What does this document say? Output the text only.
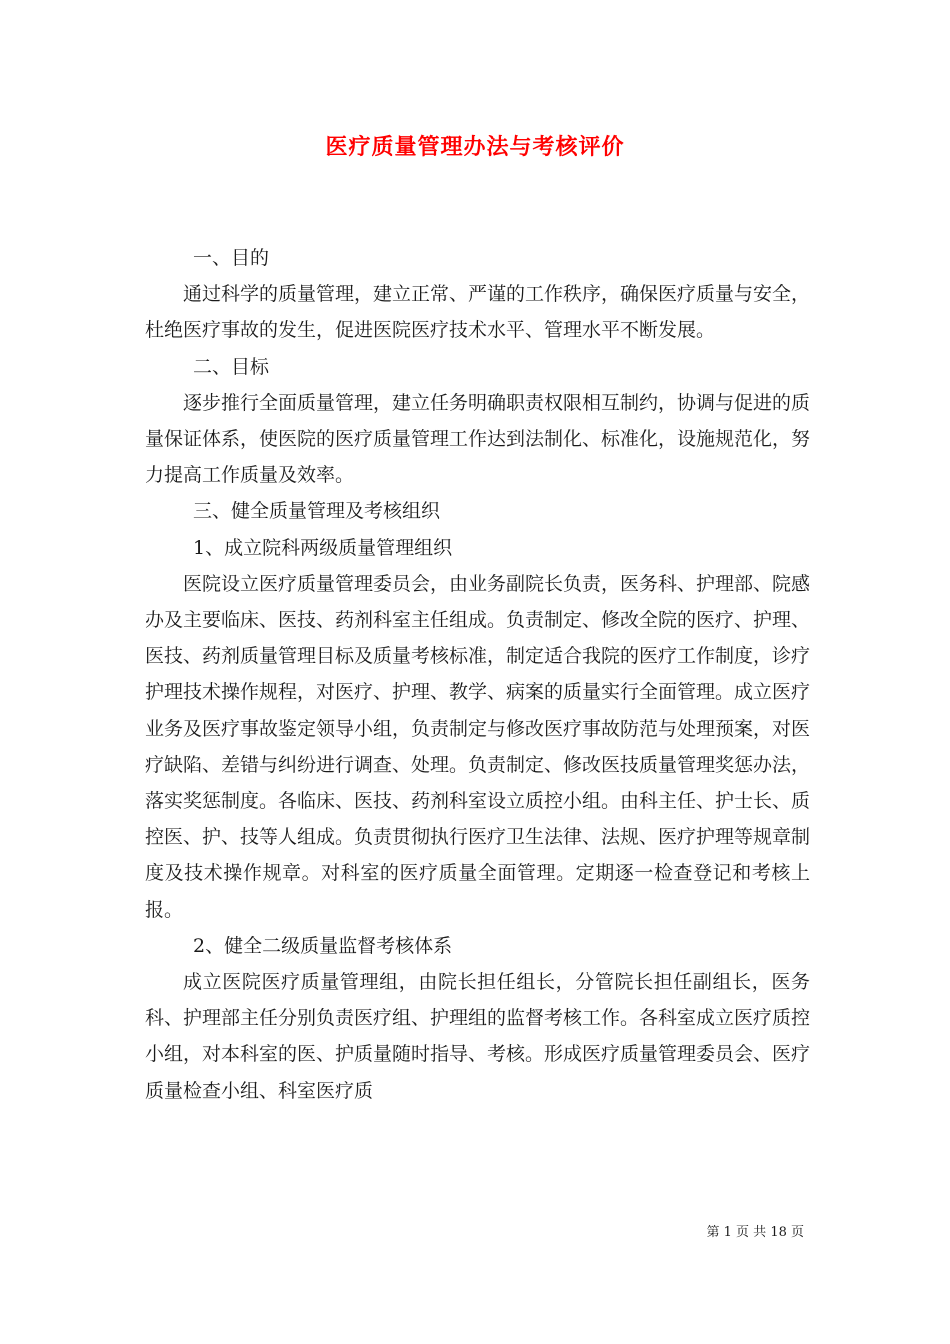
医疗质量管理办法与考核评价

一、目的

通过科学的质量管理，建立正常、严谨的工作秩序，确保医疗质量与安全，杜绝医疗事故的发生，促进医院医疗技术水平、管理水平不断发展。

二、目标

逐步推行全面质量管理，建立任务明确职责权限相互制约，协调与促进的质量保证体系，使医院的医疗质量管理工作达到法制化、标准化，设施规范化，努力提高工作质量及效率。

三、健全质量管理及考核组织

1、成立院科两级质量管理组织

医院设立医疗质量管理委员会，由业务副院长负责，医务科、护理部、院感办及主要临床、医技、药剂科室主任组成。负责制定、修改全院的医疗、护理、医技、药剂质量管理目标及质量考核标准，制定适合我院的医疗工作制度，诊疗护理技术操作规程，对医疗、护理、教学、病案的质量实行全面管理。成立医疗业务及医疗事故鉴定领导小组，负责制定与修改医疗事故防范与处理预案，对医疗缺陷、差错与纠纷进行调查、处理。负责制定、修改医技质量管理奖惩办法，落实奖惩制度。各临床、医技、药剂科室设立质控小组。由科主任、护士长、质控医、护、技等人组成。负责贯彻执行医疗卫生法律、法规、医疗护理等规章制度及技术操作规章。对科室的医疗质量全面管理。定期逐一检查登记和考核上报。

2、健全二级质量监督考核体系

成立医院医疗质量管理组，由院长担任组长，分管院长担任副组长，医务科、护理部主任分别负责医疗组、护理组的监督考核工作。各科室成立医疗质控小组，对本科室的医、护质量随时指导、考核。形成医疗质量管理委员会、医疗质量检查小组、科室医疗质

第 1 页 共 18 页
